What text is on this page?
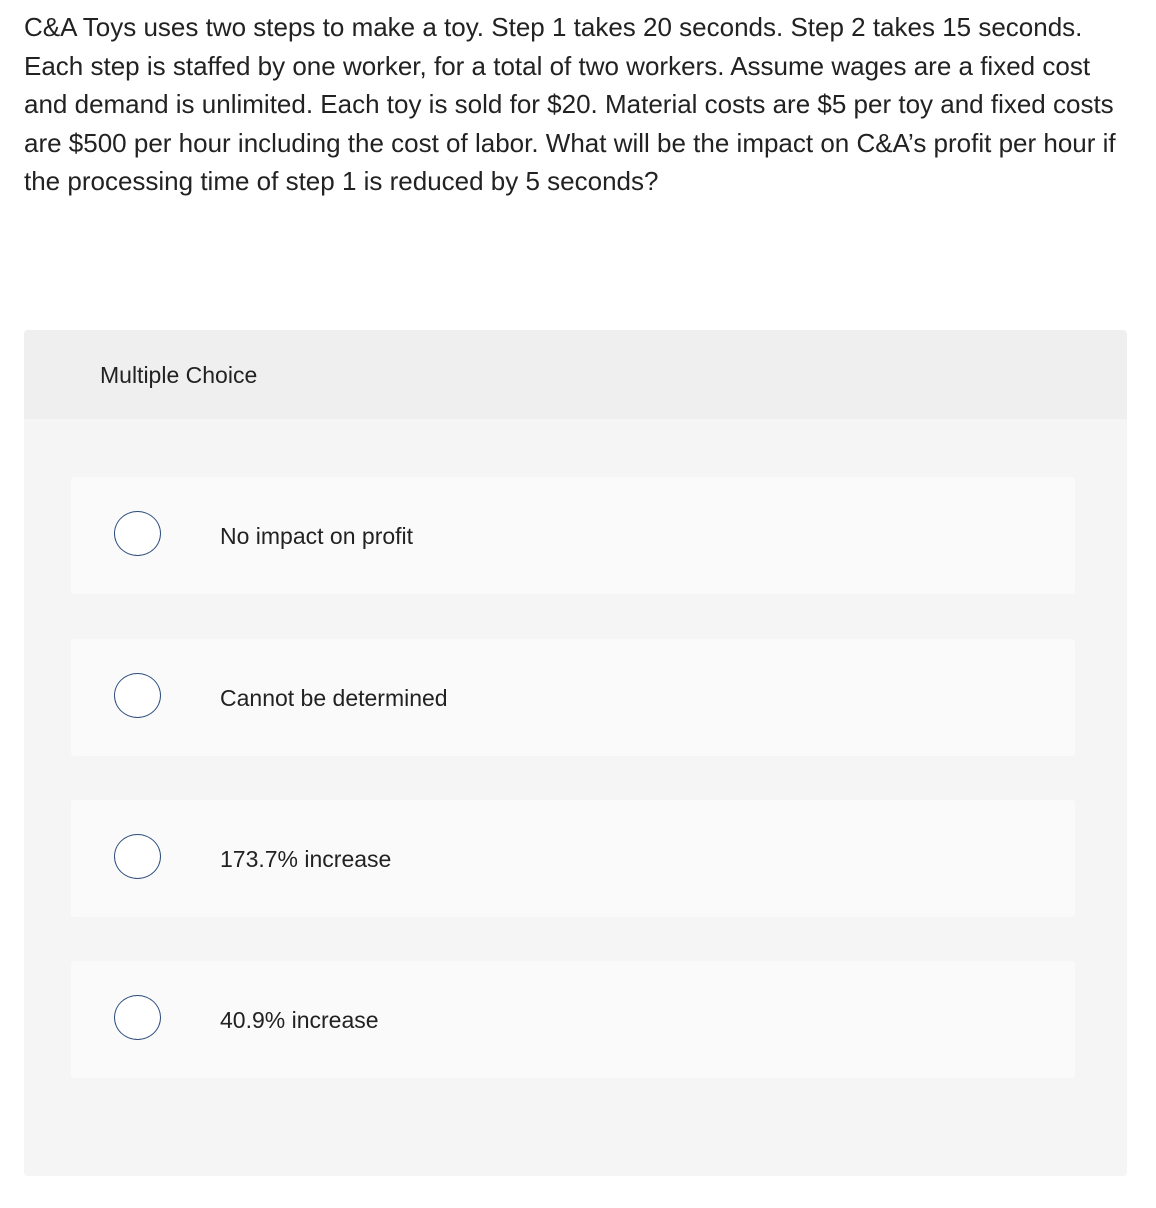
C&A Toys uses two steps to make a toy. Step 1 takes 20 seconds. Step 2 takes 15 seconds. Each step is staffed by one worker, for a total of two workers. Assume wages are a fixed cost and demand is unlimited. Each toy is sold for $20. Material costs are $5 per toy and fixed costs are $500 per hour including the cost of labor. What will be the impact on C&A’s profit per hour if the processing time of step 1 is reduced by 5 seconds?

Multiple Choice
No impact on profit
Cannot be determined
173.7% increase
40.9% increase
